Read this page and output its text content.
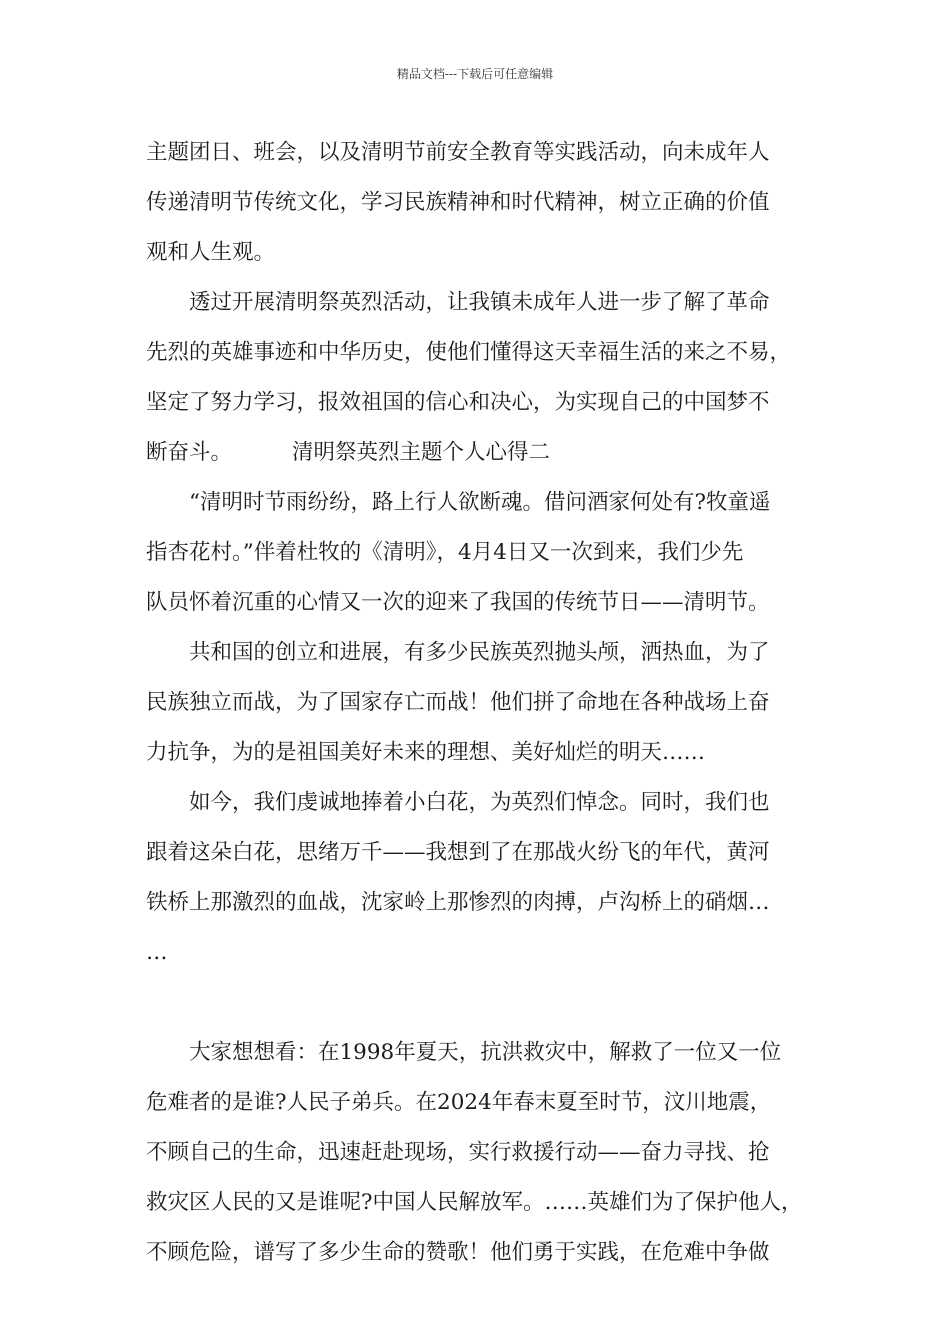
精品文档---下载后可任意编辑
主题团日、班会，以及清明节前安全教育等实践活动，向未成年人
传递清明节传统文化，学习民族精神和时代精神，树立正确的价值
观和人生观。
透过开展清明祭英烈活动，让我镇未成年人进一步了解了革命
先烈的英雄事迹和中华历史，使他们懂得这天幸福生活的来之不易，
坚定了努力学习，报效祖国的信心和决心，为实现自己的中国梦不
断奋斗。	清明祭英烈主题个人心得二
“清明时节雨纷纷，路上行人欲断魂。借问酒家何处有?牧童遥
指杏花村。”伴着杜牧的《清明》，4月4日又一次到来，我们少先
队员怀着沉重的心情又一次的迎来了我国的传统节日——清明节。
共和国的创立和进展，有多少民族英烈抛头颅，洒热血，为了
民族独立而战，为了国家存亡而战！他们拼了命地在各种战场上奋
力抗争，为的是祖国美好未来的理想、美好灿烂的明天……
如今，我们虔诚地捧着小白花，为英烈们悼念。同时，我们也
跟着这朵白花，思绪万千——我想到了在那战火纷飞的年代，黄河
铁桥上那激烈的血战，沈家岭上那惨烈的肉搏，卢沟桥上的硝烟…
…
大家想想看：在1998年夏天，抗洪救灾中，解救了一位又一位
危难者的是谁?人民子弟兵。在2024年春末夏至时节，汶川地震，
不顾自己的生命，迅速赶赴现场，实行救援行动——奋力寻找、抢
救灾区人民的又是谁呢?中国人民解放军。……英雄们为了保护他人，
不顾危险，谱写了多少生命的赞歌！他们勇于实践，在危难中争做
